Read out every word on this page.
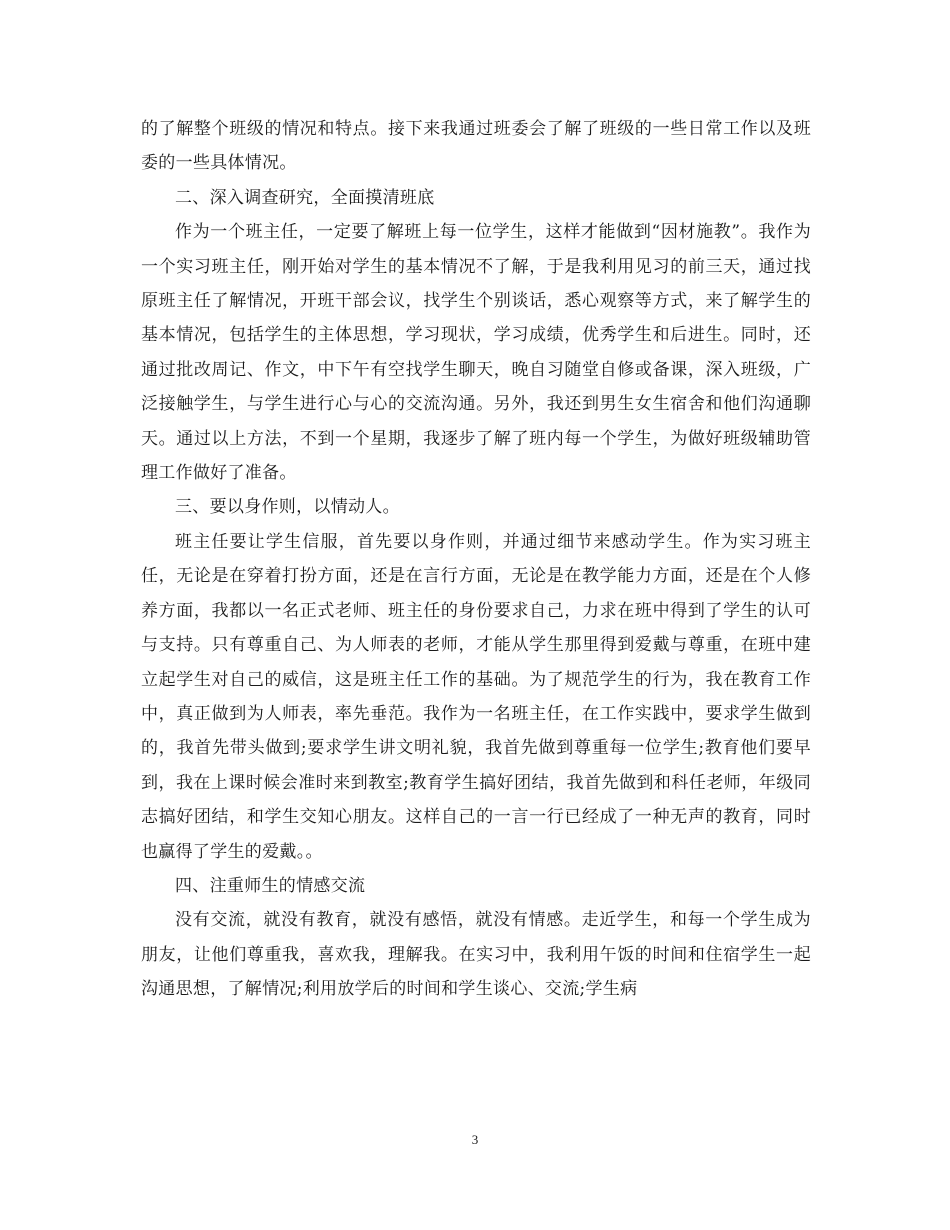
的了解整个班级的情况和特点。接下来我通过班委会了解了班级的一些日常工作以及班委的一些具体情况。

二、深入调查研究，全面摸清班底

作为一个班主任，一定要了解班上每一位学生，这样才能做到“因材施教”。我作为一个实习班主任，刚开始对学生的基本情况不了解，于是我利用见习的前三天，通过找原班主任了解情况，开班干部会议，找学生个别谈话，悉心观察等方式，来了解学生的基本情况，包括学生的主体思想，学习现状，学习成绩，优秀学生和后进生。同时，还通过批改周记、作文，中下午有空找学生聊天，晚自习随堂自修或备课，深入班级，广泛接触学生，与学生进行心与心的交流沟通。另外，我还到男生女生宿舍和他们沟通聊天。通过以上方法，不到一个星期，我逐步了解了班内每一个学生，为做好班级辅助管理工作做好了准备。

三、要以身作则，以情动人。

班主任要让学生信服，首先要以身作则，并通过细节来感动学生。作为实习班主任，无论是在穿着打扮方面，还是在言行方面，无论是在教学能力方面，还是在个人修养方面，我都以一名正式老师、班主任的身份要求自己，力求在班中得到了学生的认可与支持。只有尊重自己、为人师表的老师，才能从学生那里得到爱戴与尊重，在班中建立起学生对自己的威信，这是班主任工作的基础。为了规范学生的行为，我在教育工作中，真正做到为人师表，率先垂范。我作为一名班主任，在工作实践中，要求学生做到的，我首先带头做到;要求学生讲文明礼貌，我首先做到尊重每一位学生;教育他们要早到，我在上课时候会准时来到教室;教育学生搞好团结，我首先做到和科任老师，年级同志搞好团结，和学生交知心朋友。这样自己的一言一行已经成了一种无声的教育，同时也赢得了学生的爱戴。。

四、注重师生的情感交流

没有交流，就没有教育，就没有感悟，就没有情感。走近学生，和每一个学生成为朋友，让他们尊重我，喜欢我，理解我。在实习中，我利用午饭的时间和住宿学生一起沟通思想，了解情况;利用放学后的时间和学生谈心、交流;学生病

3
